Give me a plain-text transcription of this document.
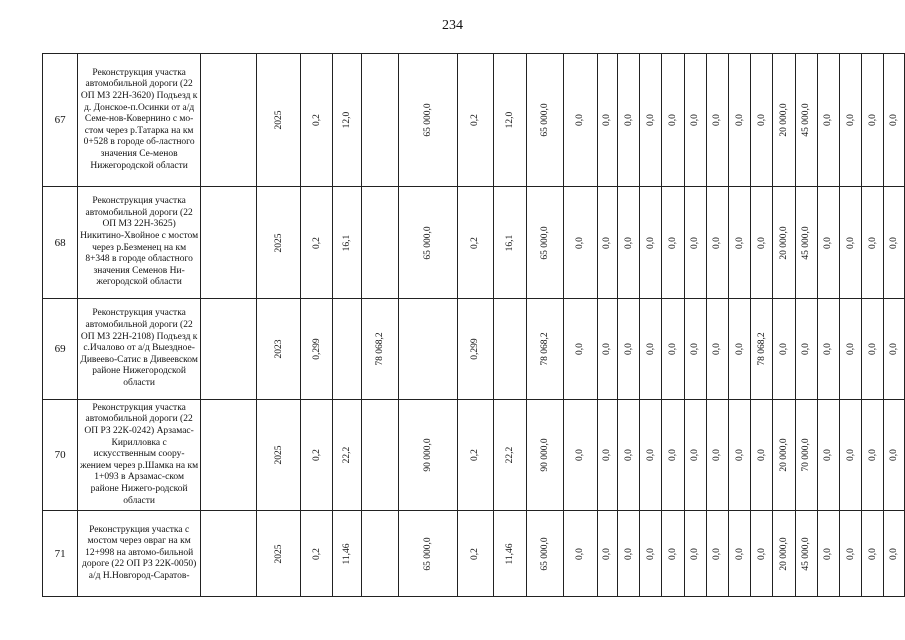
234
67	Реконструкция участка автомобильной дороги (22 ОП МЗ 22Н-3620) Подъезд к д. Донское-п.Осинки от а/д Семе-нов-Ковернино с мо-стом через р.Татарка на км 0+528 в городе об-ластного значения Се-менов Нижегородской области		2025	0,2	12,0		65 000,0	0,2	12,0	65 000,0	0,0	0,0	0,0	0,0	0,0	0,0	0,0	0,0	0,0	20 000,0	45 000,0	0,0	0,0	0,0	0,0

68	Реконструкция участка автомобильной дороги (22 ОП МЗ 22Н-3625) Никитино-Хвойное с мостом через р.Безменец на км 8+348 в городе областного значения Семенов Ни-жегородской области		2025	0,2	16,1		65 000,0	0,2	16,1	65 000,0	0,0	0,0	0,0	0,0	0,0	0,0	0,0	0,0	0,0	20 000,0	45 000,0	0,0	0,0	0,0	0,0

69	Реконструкция участка автомобильной дороги (22 ОП МЗ 22Н-2108) Подъезд к с.Ичалово от а/д Выездное-Дивеево-Сатис в Дивеевском районе Нижегородской области		2023	0,299		78 068,2		0,299		78 068,2	0,0	0,0	0,0	0,0	0,0	0,0	0,0	0,0	78 068,2	0,0	0,0	0,0	0,0	0,0	0,0

70	Реконструкция участка автомобильной дороги (22 ОП РЗ 22К-0242) Арзамас-Кирилловка с искусственным соору-жением через р.Шамка на км 1+093 в Арзамас-ском районе Нижего-родской области		2025	0,2	22,2		90 000,0	0,2	22,2	90 000,0	0,0	0,0	0,0	0,0	0,0	0,0	0,0	0,0	0,0	20 000,0	70 000,0	0,0	0,0	0,0	0,0

71	Реконструкция участка с мостом через овраг на км 12+998 на автомо-бильной дороге (22 ОП РЗ 22К-0050) а/д Н.Новгород-Саратов-		2025	0,2	11,46		65 000,0	0,2	11,46	65 000,0	0,0	0,0	0,0	0,0	0,0	0,0	0,0	0,0	0,0	20 000,0	45 000,0	0,0	0,0	0,0	0,0
